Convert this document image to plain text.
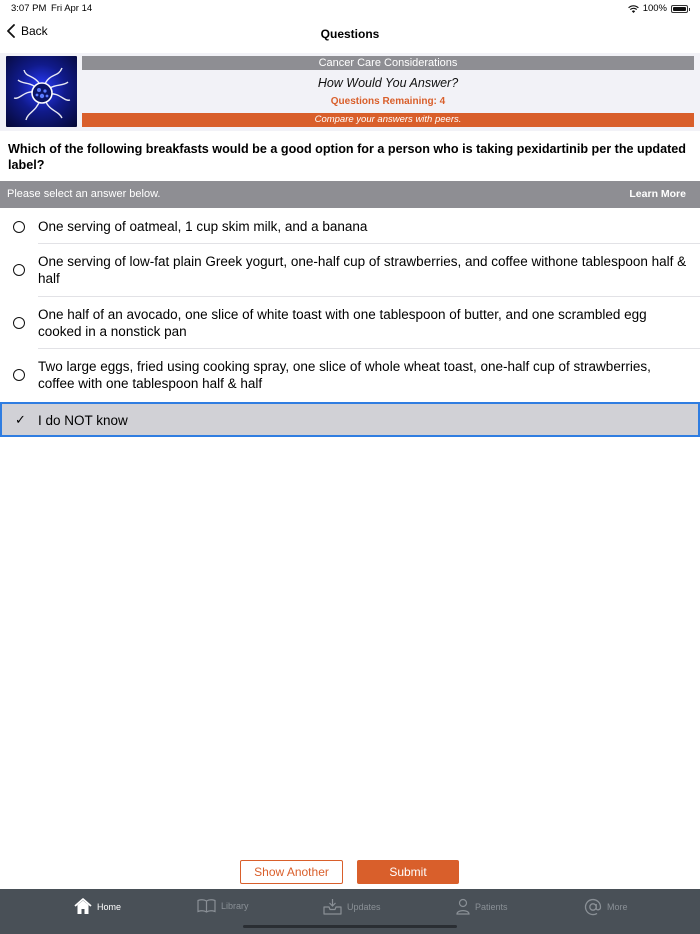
3:07 PM Fri Apr 14	100%
Back	Questions
Cancer Care Considerations
How Would You Answer?
Questions Remaining: 4
Compare your answers with peers.
Which of the following breakfasts would be a good option for a person who is taking pexidartinib per the updated label?
Please select an answer below.	Learn More
One serving of oatmeal, 1 cup skim milk, and a banana
One serving of low-fat plain Greek yogurt, one-half cup of strawberries, and coffee withone tablespoon half & half
One half of an avocado, one slice of white toast with one tablespoon of butter, and one scrambled egg cooked in a nonstick pan
Two large eggs, fried using cooking spray, one slice of whole wheat toast, one-half cup of strawberries, coffee with one tablespoon half & half
✓ I do NOT know
Show Another	Submit
Home	Library	Updates	Patients	More
